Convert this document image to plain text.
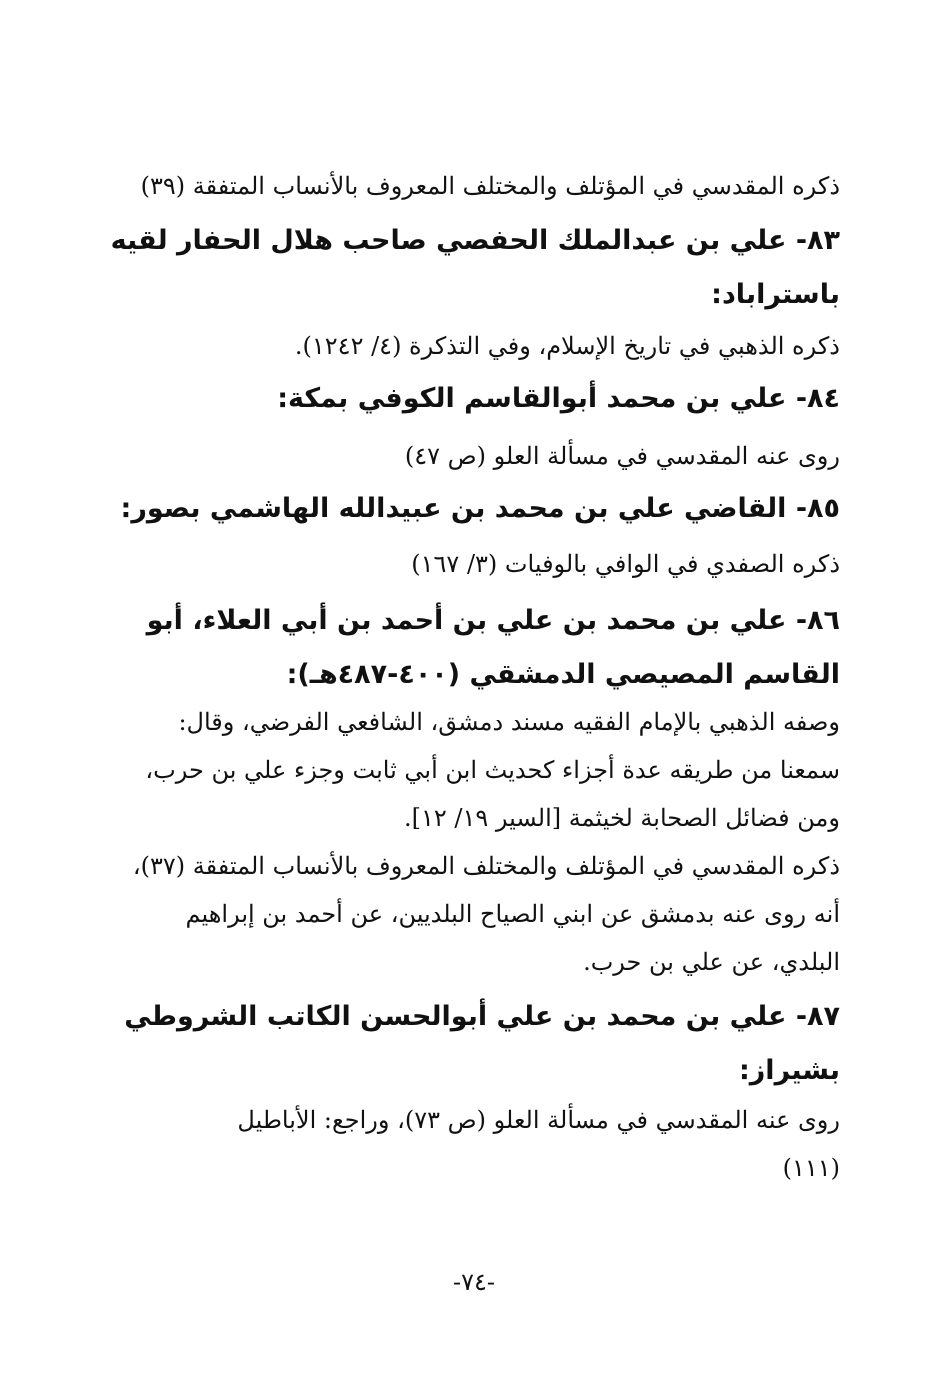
ذكره المقدسي في المؤتلف والمختلف المعروف بالأنساب المتفقة (٣٩)
٨٣- علي بن عبدالملك الحفصي صاحب هلال الحفار لقيه
باستراباد:
ذكره الذهبي في تاريخ الإسلام، وفي التذكرة (٤/ ١٢٤٢).
٨٤- علي بن محمد أبوالقاسم الكوفي بمكة:
روى عنه المقدسي في مسألة العلو (ص ٤٧)
٨٥- القاضي علي بن محمد بن عبيدالله الهاشمي بصور:
ذكره الصفدي في الوافي بالوفيات (٣/ ١٦٧)
٨٦- علي بن محمد بن علي بن أحمد بن أبي العلاء، أبو
القاسم المصيصي الدمشقي (٤٠٠-٤٨٧هـ):
وصفه الذهبي بالإمام الفقيه مسند دمشق، الشافعي الفرضي، وقال:
سمعنا من طريقه عدة أجزاء كحديث ابن أبي ثابت وجزء علي بن حرب،
ومن فضائل الصحابة لخيثمة [السير ١٩/ ١٢].
ذكره المقدسي في المؤتلف والمختلف المعروف بالأنساب المتفقة (٣٧)،
أنه روى عنه بدمشق عن ابني الصياح البلديين، عن أحمد بن إبراهيم
البلدي، عن علي بن حرب.
٨٧- علي بن محمد بن علي أبوالحسن الكاتب الشروطي
بشيراز:
روى عنه المقدسي في مسألة العلو (ص ٧٣)، وراجع: الأباطيل
(١١١)
-٧٤-
